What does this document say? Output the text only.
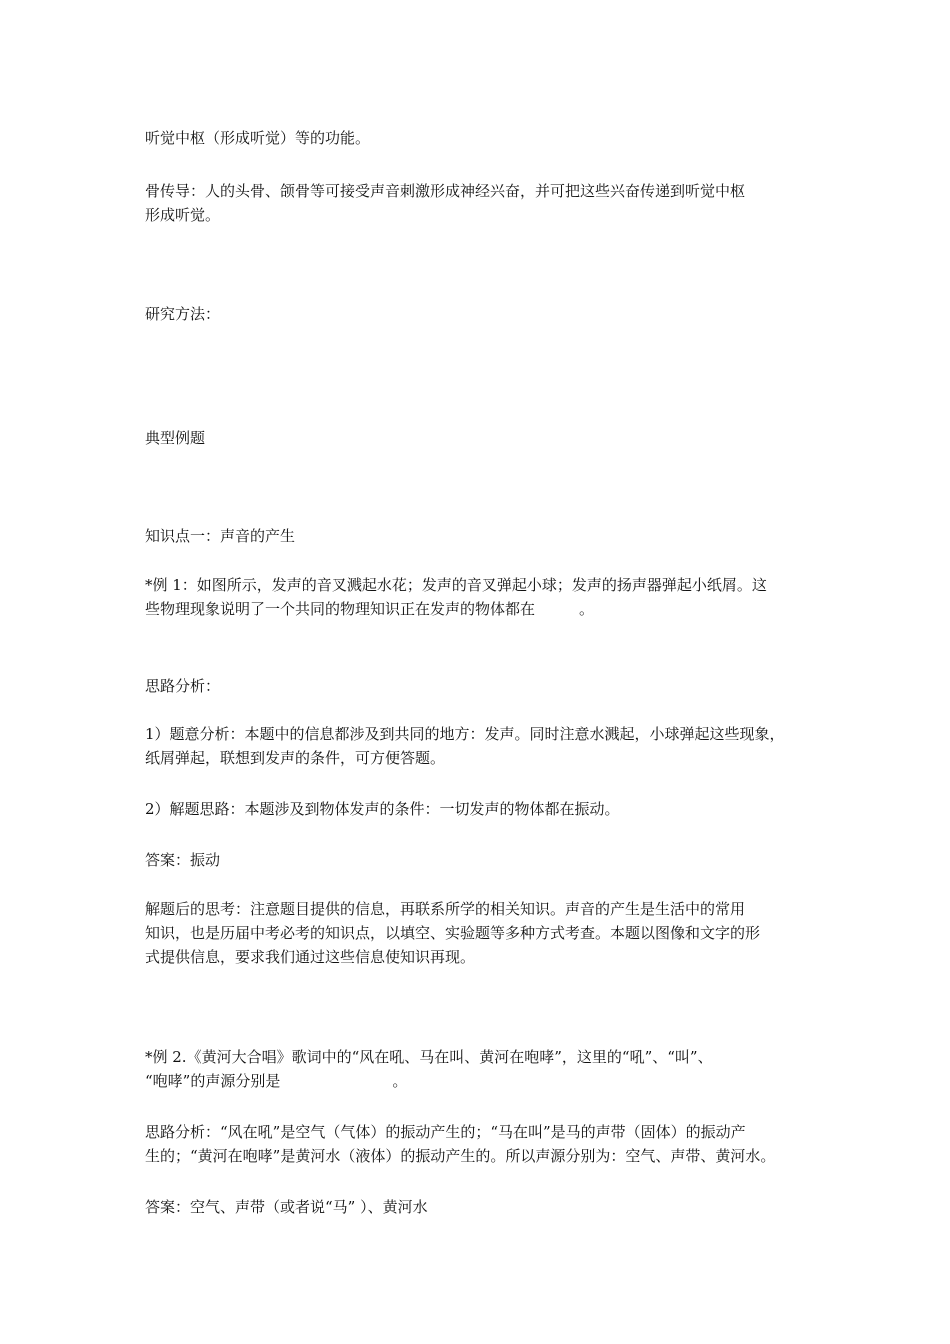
听觉中枢（形成听觉）等的功能。

骨传导：人的头骨、颌骨等可接受声音刺激形成神经兴奋，并可把这些兴奋传递到听觉中枢
形成听觉。

研究方法：

典型例题

知识点一：声音的产生

*例 1：如图所示，发声的音叉溅起水花；发声的音叉弹起小球；发声的扬声器弹起小纸屑。这
些物理现象说明了一个共同的物理知识正在发声的物体都在	。

思路分析：

1）题意分析：本题中的信息都涉及到共同的地方：发声。同时注意水溅起，小球弹起这些现象，
纸屑弹起，联想到发声的条件，可方便答题。

2）解题思路：本题涉及到物体发声的条件：一切发声的物体都在振动。

答案：振动

解题后的思考：注意题目提供的信息，再联系所学的相关知识。声音的产生是生活中的常用
知识，也是历届中考必考的知识点，以填空、实验题等多种方式考查。本题以图像和文字的形
式提供信息，要求我们通过这些信息使知识再现。

*例 2.《黄河大合唱》歌词中的“风在吼、马在叫、黄河在咆哮”，这里的“吼”、“叫”、
“咆哮”的声源分别是	。

思路分析：“风在吼”是空气（气体）的振动产生的；“马在叫”是马的声带（固体）的振动产
生的；“黄河在咆哮”是黄河水（液体）的振动产生的。所以声源分别为：空气、声带、黄河水。

答案：空气、声带（或者说“马” ）、黄河水
